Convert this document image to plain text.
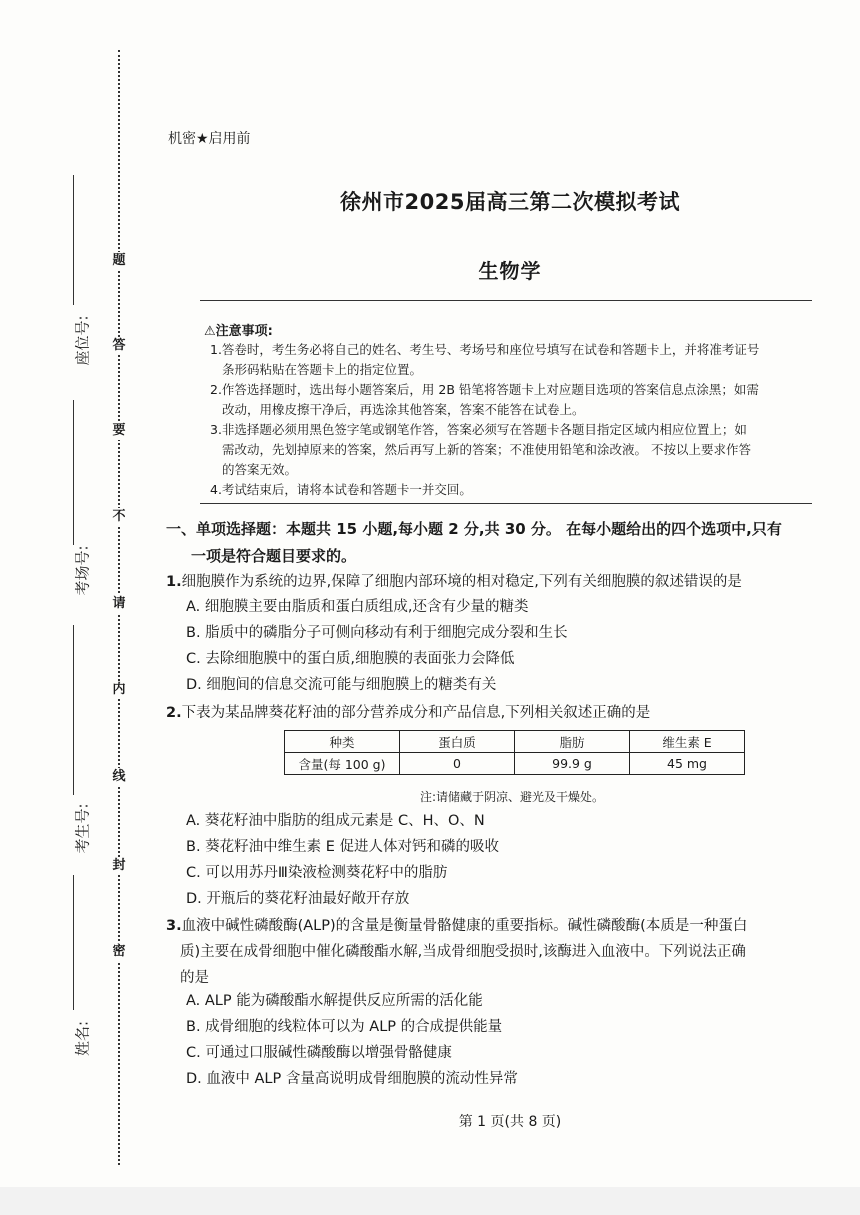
题
答
要
不
请
内
线
封
密
座位号:
考场号:
考生号:
姓名:
机密★启用前
徐州市2025届高三第二次模拟考试
生物学
⚠注意事项:
1.答卷时，考生务必将自己的姓名、考生号、考场号和座位号填写在试卷和答题卡上，并将准考证号
条形码粘贴在答题卡上的指定位置。
2.作答选择题时，选出每小题答案后，用 2B 铅笔将答题卡上对应题目选项的答案信息点涂黑；如需
改动，用橡皮擦干净后，再选涂其他答案，答案不能答在试卷上。
3.非选择题必须用黑色签字笔或钢笔作答，答案必须写在答题卡各题目指定区域内相应位置上；如
需改动，先划掉原来的答案，然后再写上新的答案；不准使用铅笔和涂改液。 不按以上要求作答
的答案无效。
4.考试结束后，请将本试卷和答题卡一并交回。
一、单项选择题：本题共 15 小题,每小题 2 分,共 30 分。 在每小题给出的四个选项中,只有
一项是符合题目要求的。
1.细胞膜作为系统的边界,保障了细胞内部环境的相对稳定,下列有关细胞膜的叙述错误的是
A. 细胞膜主要由脂质和蛋白质组成,还含有少量的糖类
B. 脂质中的磷脂分子可侧向移动有利于细胞完成分裂和生长
C. 去除细胞膜中的蛋白质,细胞膜的表面张力会降低
D. 细胞间的信息交流可能与细胞膜上的糖类有关
2.下表为某品牌葵花籽油的部分营养成分和产品信息,下列相关叙述正确的是
种类	蛋白质	脂肪	维生素 E
含量(每 100 g)	0	99.9 g	45 mg
注:请储藏于阴凉、避光及干燥处。
A. 葵花籽油中脂肪的组成元素是 C、H、O、N
B. 葵花籽油中维生素 E 促进人体对钙和磷的吸收
C. 可以用苏丹Ⅲ染液检测葵花籽中的脂肪
D. 开瓶后的葵花籽油最好敞开存放
3.血液中碱性磷酸酶(ALP)的含量是衡量骨骼健康的重要指标。碱性磷酸酶(本质是一种蛋白
质)主要在成骨细胞中催化磷酸酯水解,当成骨细胞受损时,该酶进入血液中。下列说法正确
的是
A. ALP 能为磷酸酯水解提供反应所需的活化能
B. 成骨细胞的线粒体可以为 ALP 的合成提供能量
C. 可通过口服碱性磷酸酶以增强骨骼健康
D. 血液中 ALP 含量高说明成骨细胞膜的流动性异常
第 1 页(共 8 页)
